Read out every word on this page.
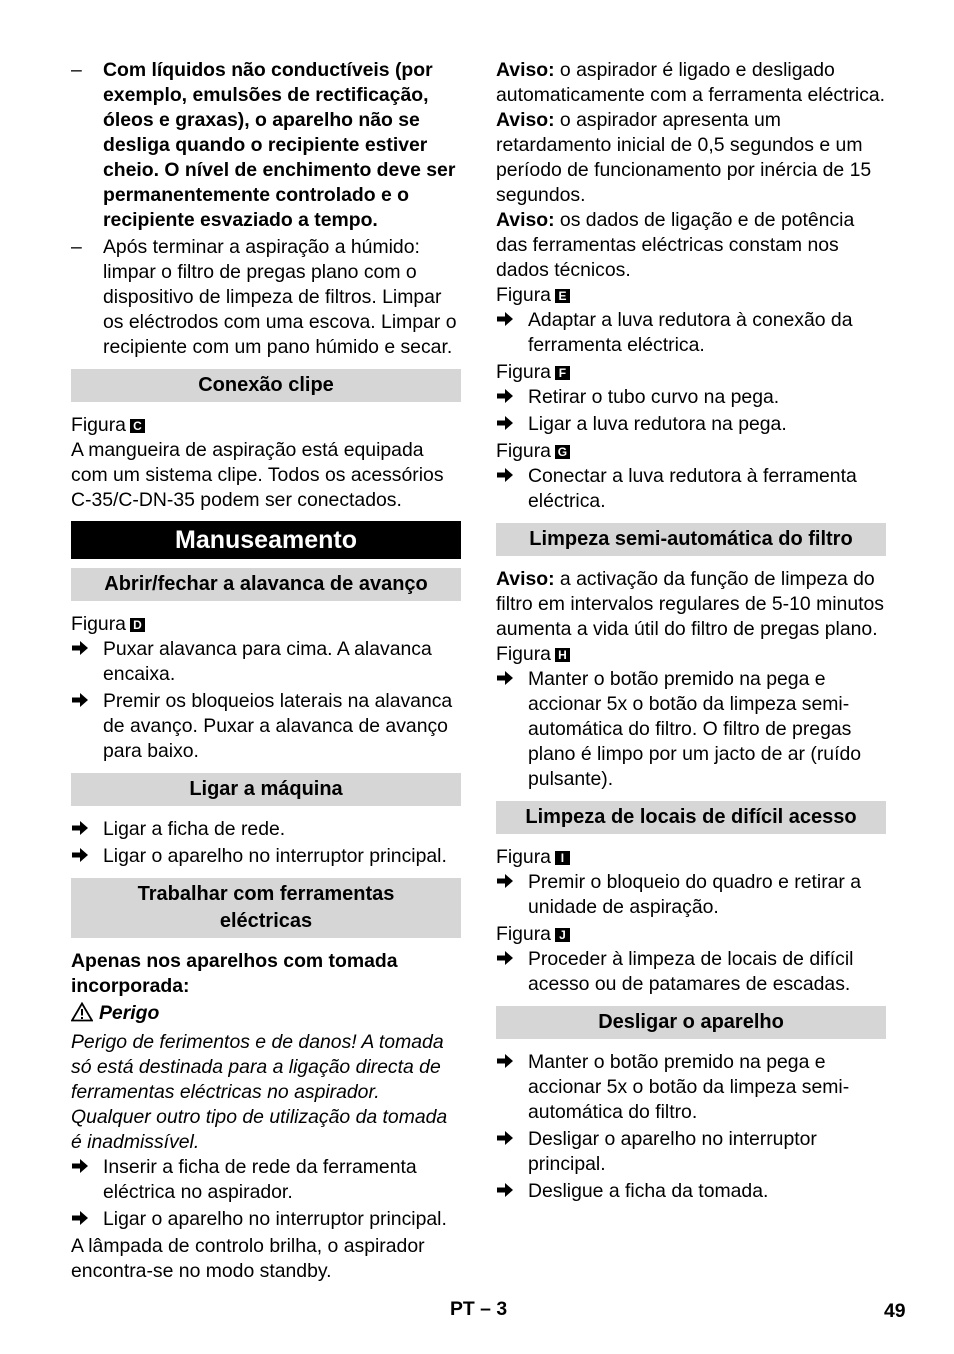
–	Com líquidos não conductíveis (por exemplo, emulsões de rectificação, óleos e graxas), o aparelho não se desliga quando o recipiente estiver cheio. O nível de enchimento deve ser permanentemente controlado e o recipiente esvaziado a tempo.

–	Após terminar a aspiração a húmido: limpar o filtro de pregas plano com o dispositivo de limpeza de filtros. Limpar os eléctrodos com uma escova. Limpar o recipiente com um pano húmido e secar.

Conexão clipe

Figura C

A mangueira de aspiração está equipada com um sistema clipe. Todos os acessórios C-35/C-DN-35 podem ser conectados.

Manuseamento
Abrir/fechar a alavanca de avanço

Figura D

Puxar alavanca para cima. A alavanca encaixa.

Premir os bloqueios laterais na alavanca de avanço. Puxar a alavanca de avanço para baixo.

Ligar a máquina

Ligar a ficha de rede.

Ligar o aparelho no interruptor principal.

Trabalhar com ferramentas eléctricas

Apenas nos aparelhos com tomada incorporada:

Perigo

Perigo de ferimentos e de danos! A tomada só está destinada para a ligação directa de ferramentas eléctricas no aspirador. Qualquer outro tipo de utilização da tomada é inadmissível.

Inserir a ficha de rede da ferramenta eléctrica no aspirador.

Ligar o aparelho no interruptor principal.

A lâmpada de controlo brilha, o aspirador encontra-se no modo standby.

Aviso: o aspirador é ligado e desligado automaticamente com a ferramenta eléctrica.

Aviso: o aspirador apresenta um retardamento inicial de 0,5 segundos e um período de funcionamento por inércia de 15 segundos.

Aviso: os dados de ligação e de potência das ferramentas eléctricas constam nos dados técnicos.

Figura E

Adaptar a luva redutora à conexão da ferramenta eléctrica.

Figura F

Retirar o tubo curvo na pega.

Ligar a luva redutora na pega.

Figura G

Conectar a luva redutora à ferramenta eléctrica.

Limpeza semi-automática do filtro

Aviso: a activação da função de limpeza do filtro em intervalos regulares de 5-10 minutos aumenta a vida útil do filtro de pregas plano.

Figura H

Manter o botão premido na pega e accionar 5x o botão da limpeza semi-automática do filtro. O filtro de pregas plano é limpo por um jacto de ar (ruído pulsante).

Limpeza de locais de difícil acesso

Figura I

Premir o bloqueio do quadro e retirar a unidade de aspiração.

Figura J

Proceder à limpeza de locais de difícil acesso ou de patamares de escadas.

Desligar o aparelho

Manter o botão premido na pega e accionar 5x o botão da limpeza semi-automática do filtro.

Desligar o aparelho no interruptor principal.

Desligue a ficha da tomada.

PT – 3	49
